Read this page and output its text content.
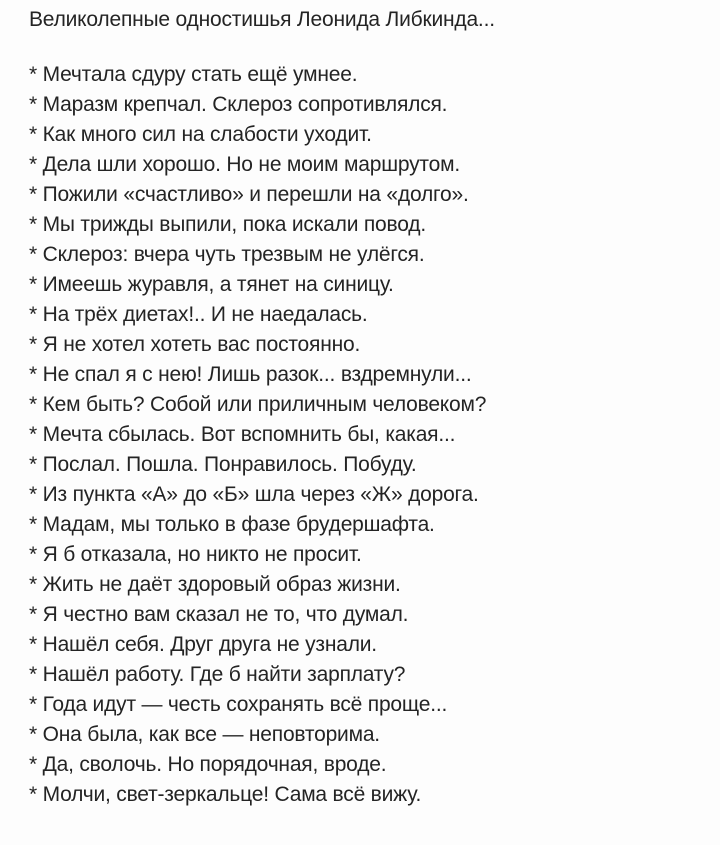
Великолепные одностишья Леонида Либкинда...
* Мечтала сдуру стать ещё умнее.
* Маразм крепчал. Склероз сопротивлялся.
* Как много сил на слабости уходит.
* Дела шли хорошо. Но не моим маршрутом.
* Пожили «счастливо» и перешли на «долго».
* Мы трижды выпили, пока искали повод.
* Склероз: вчера чуть трезвым не улёгся.
* Имеешь журавля, а тянет на синицу.
* На трёх диетах!.. И не наедалась.
* Я не хотел хотеть вас постоянно.
* Не спал я с нею! Лишь разок... вздремнули...
* Кем быть? Собой или приличным человеком?
* Мечта сбылась. Вот вспомнить бы, какая...
* Послал. Пошла. Понравилось. Побуду.
* Из пункта «А» до «Б» шла через «Ж» дорога.
* Мадам, мы только в фазе брудершафта.
* Я б отказала, но никто не просит.
* Жить не даёт здоровый образ жизни.
* Я честно вам сказал не то, что думал.
* Нашёл себя. Друг друга не узнали.
* Нашёл работу. Где б найти зарплату?
* Года идут — честь сохранять всё проще...
* Она была, как все — неповторима.
* Да, сволочь. Но порядочная, вроде.
* Молчи, свет-зеркальце! Сама всё вижу.
